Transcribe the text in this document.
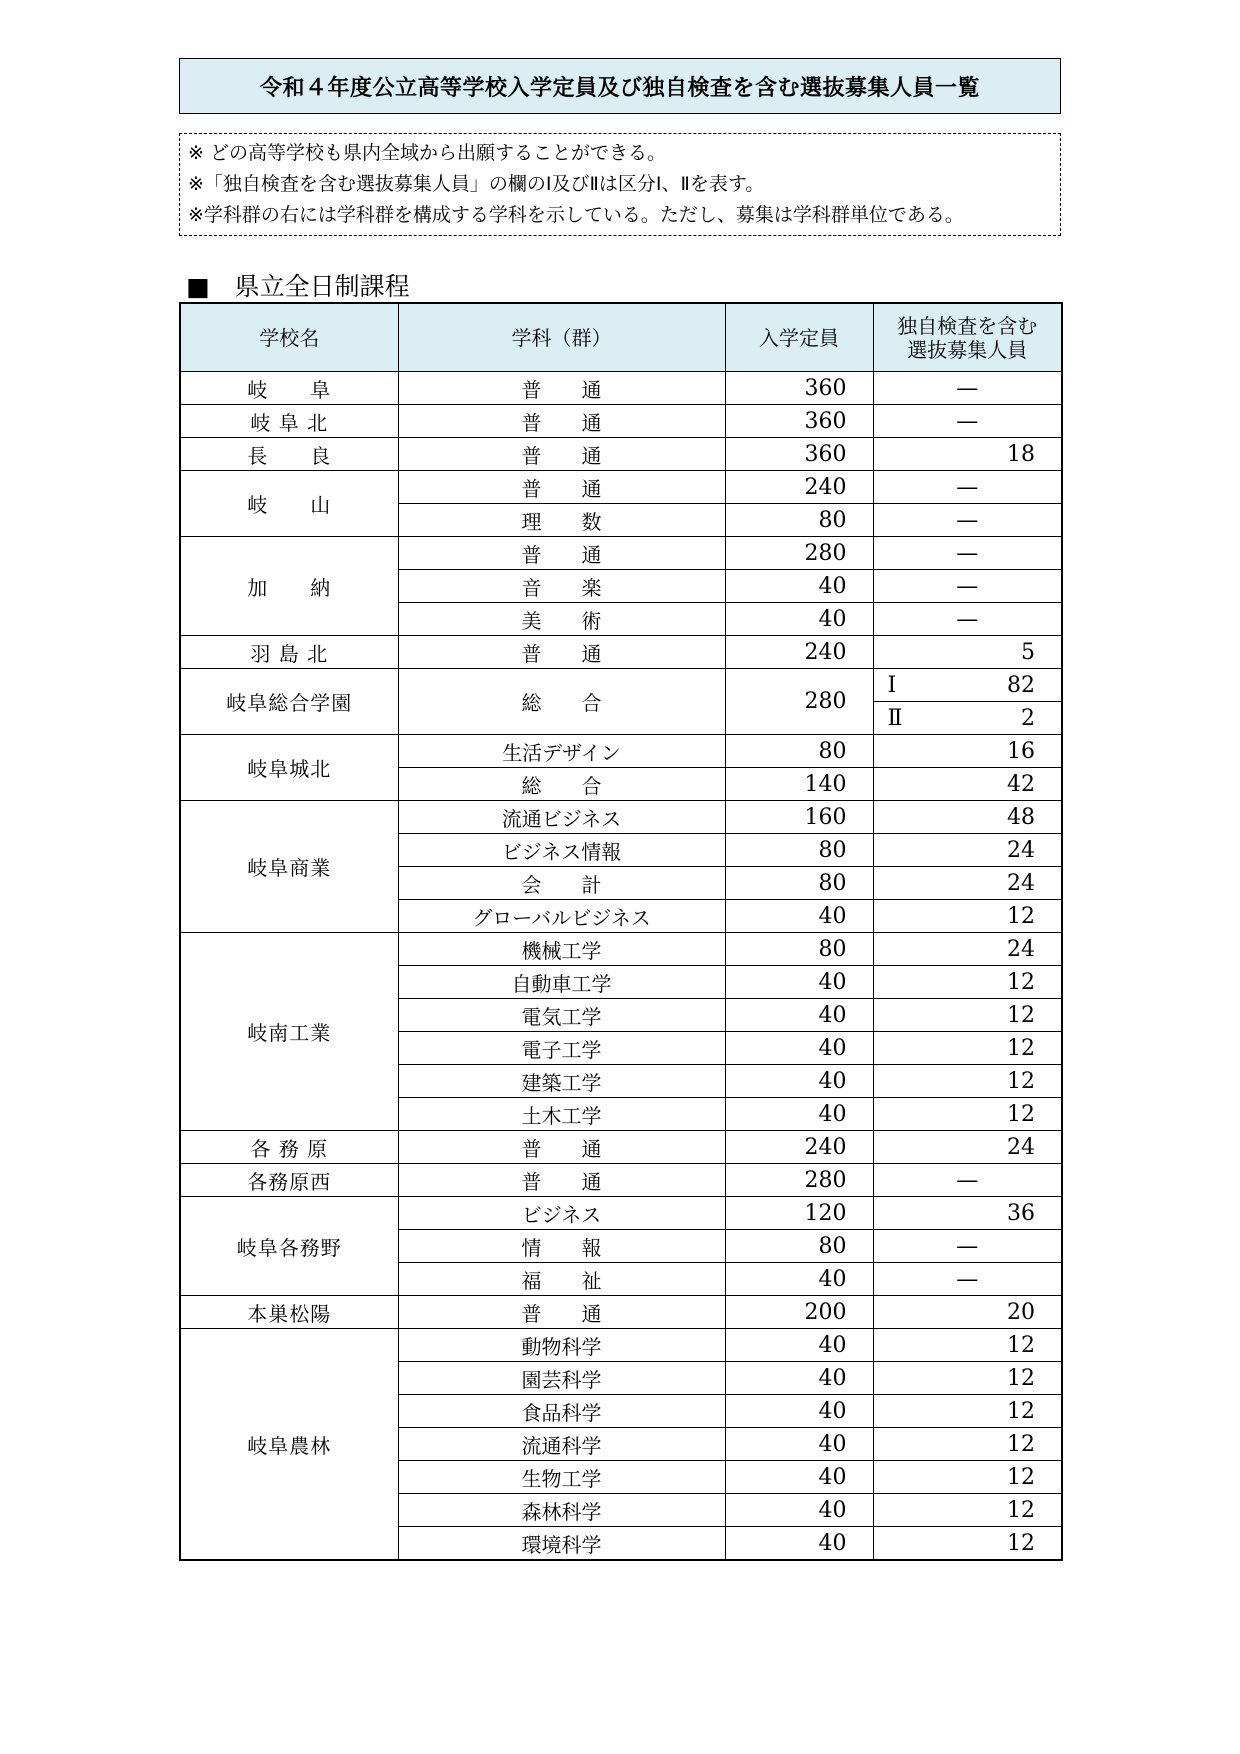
令和４年度公立高等学校入学定員及び独自検査を含む選抜募集人員一覧
※ どの高等学校も県内全域から出願することができる。
※「独自検査を含む選抜募集人員」の欄のⅠ及びⅡは区分Ⅰ、Ⅱを表す。
※学科群の右には学科群を構成する学科を示している。ただし、募集は学科群単位である。
■　県立全日制課程
学校名	学科（群）	入学定員	独自検査を含む
選抜募集人員

岐　　阜	普　　通	360	—
岐 阜 北	普　　通	360	—
長　　良	普　　通	360	18
岐　　山	普　　通	240	—
	理　　数	80	—
加　　納	普　　通	280	—
	音　　楽	40	—
	美　　術	40	—
羽 島 北	普　　通	240	5
岐阜総合学園	総　　合	280	Ⅰ 82

			Ⅱ 2

岐阜城北	生活デザイン	80	16
	総　　合	140	42
岐阜商業	流通ビジネス	160	48
	ビジネス情報	80	24
	会　　計	80	24
	グローバルビジネス	40	12
岐南工業	機械工学	80	24
	自動車工学	40	12
	電気工学	40	12
	電子工学	40	12
	建築工学	40	12
	土木工学	40	12
各 務 原	普　　通	240	24
各務原西	普　　通	280	—
岐阜各務野	ビジネス	120	36
	情　　報	80	—
	福　　祉	40	—
本巣松陽	普　　通	200	20
岐阜農林	動物科学	40	12
	園芸科学	40	12
	食品科学	40	12
	流通科学	40	12
	生物工学	40	12
	森林科学	40	12
	環境科学	40	12
